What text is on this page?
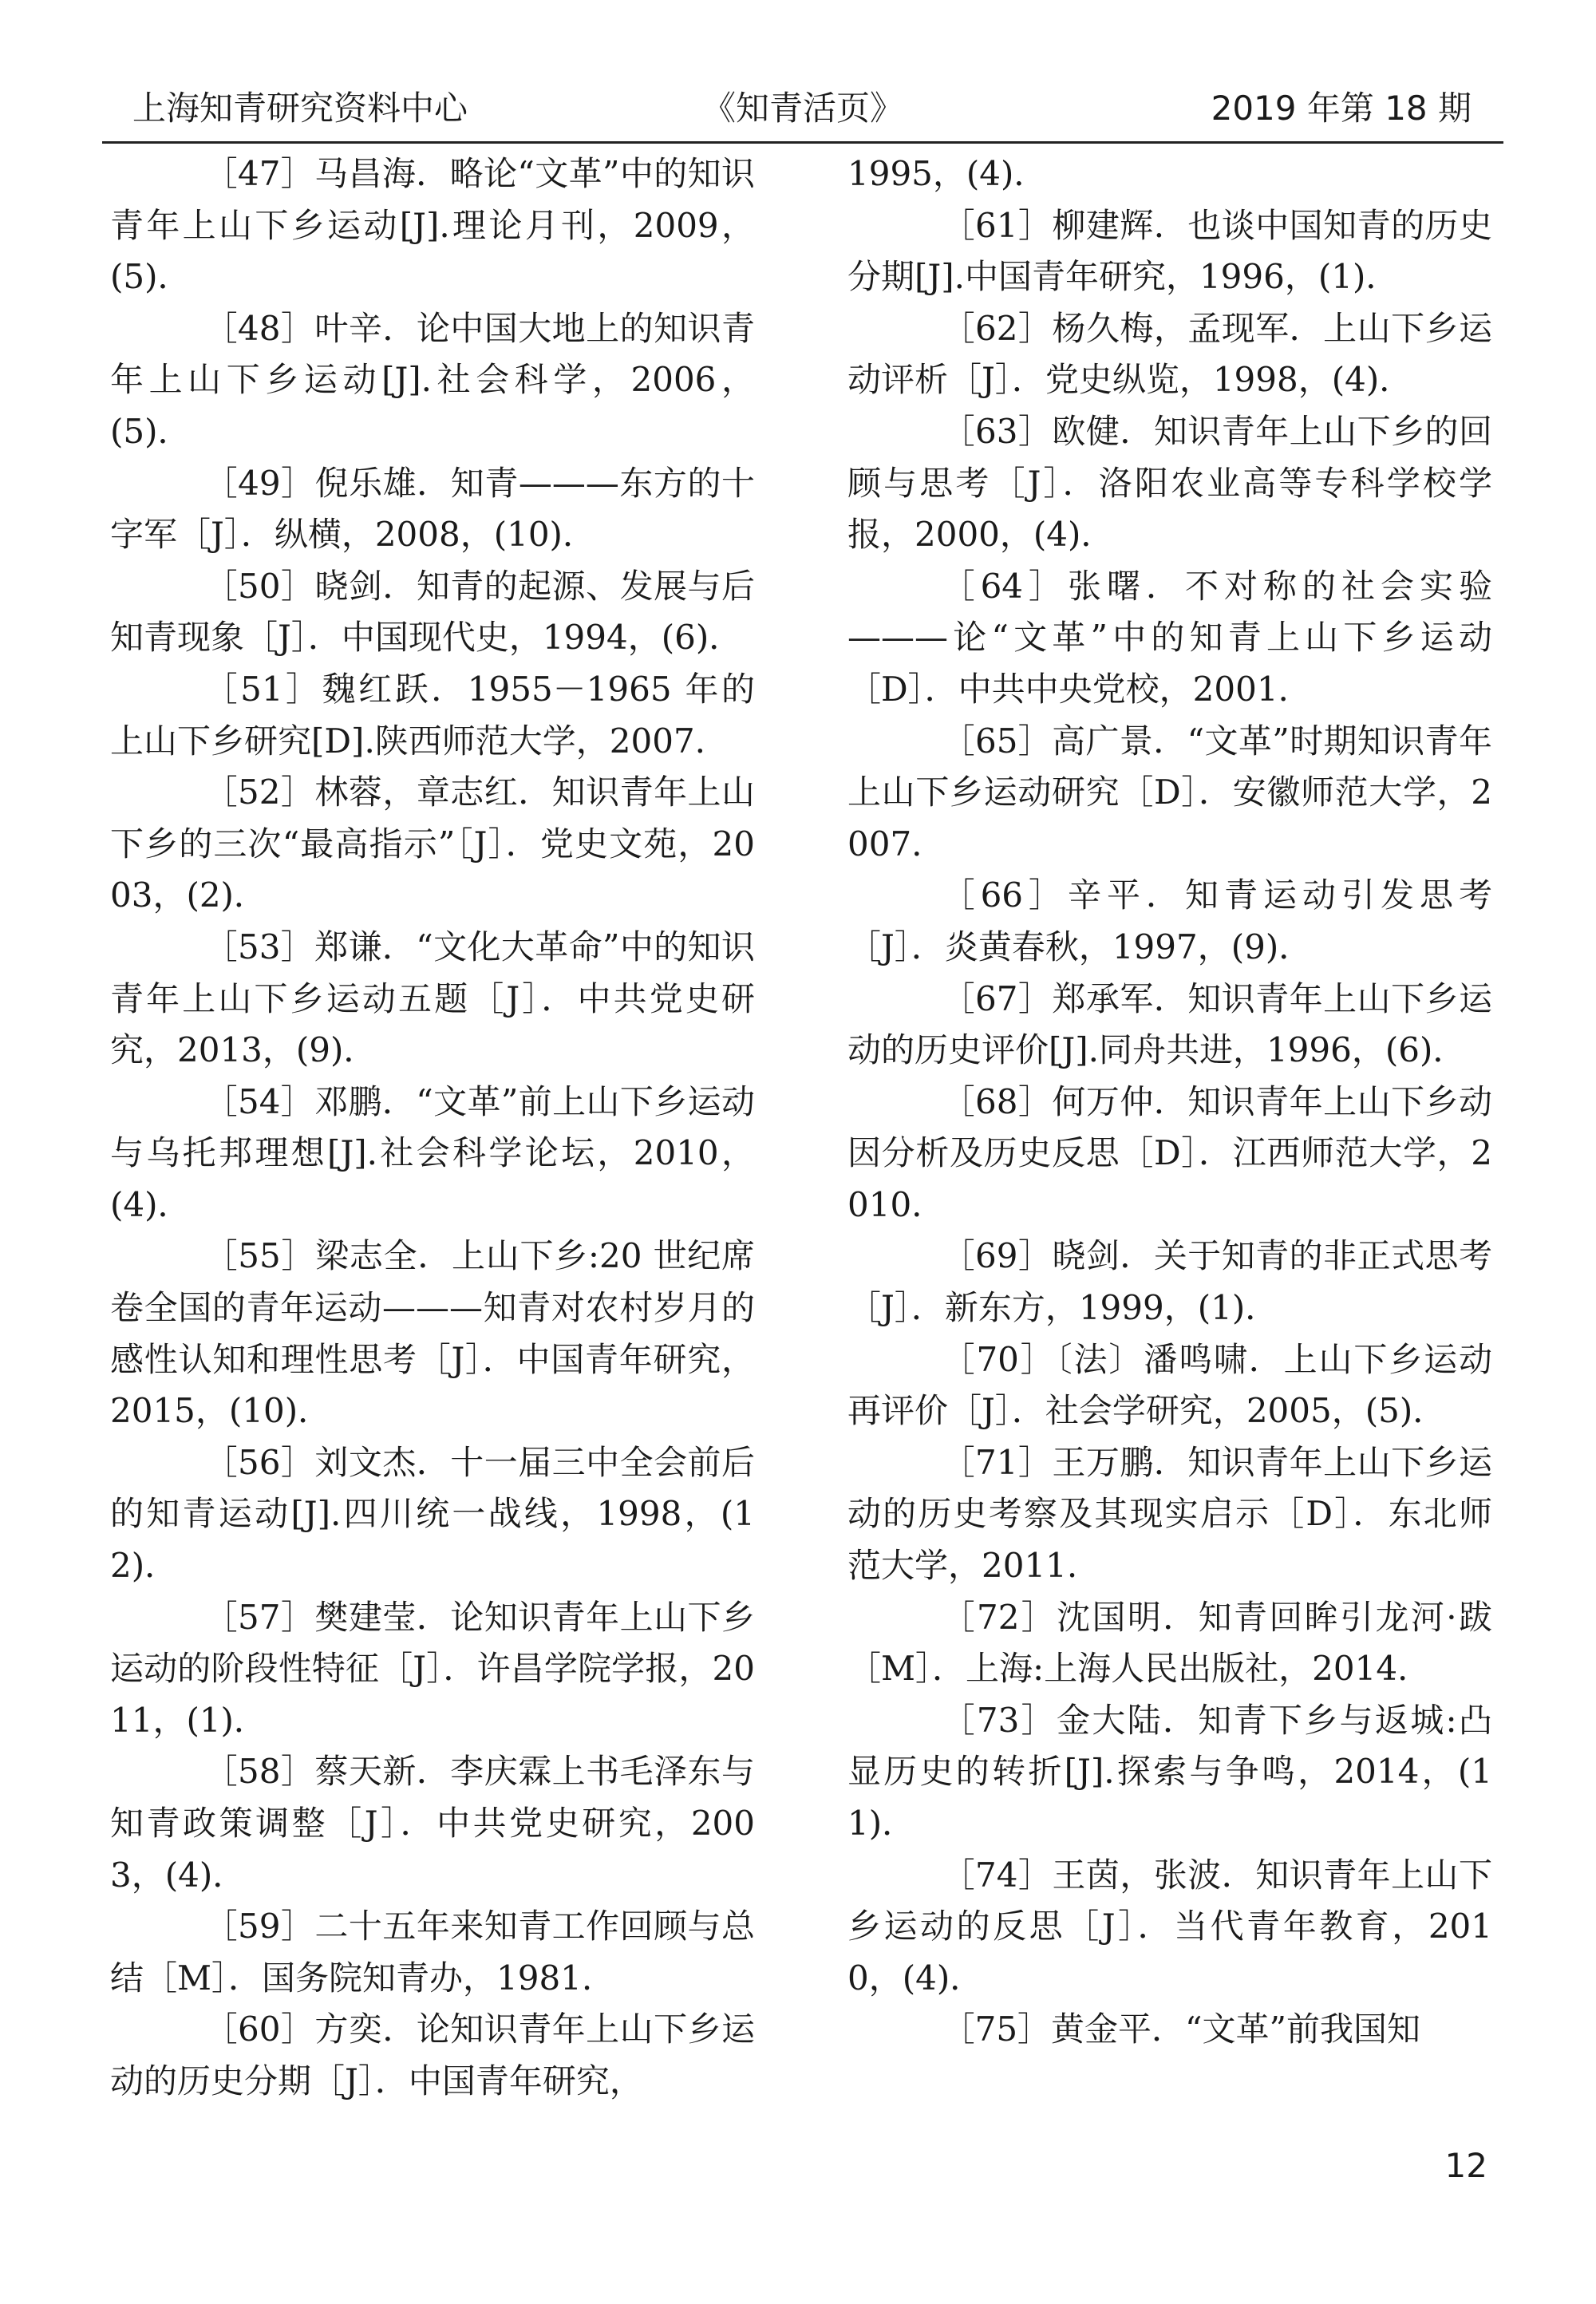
上海知青研究资料中心	《知青活页》	2019 年第 18 期

［47］马昌海．略论“文革”中的知识青年上山下乡运动[J].理论月刊，2009，(5)．

［48］叶辛．论中国大地上的知识青年上山下乡运动[J].社会科学，2006，(5)．

［49］倪乐雄．知青———东方的十字军［J］．纵横，2008，(10)．

［50］晓剑．知青的起源、发展与后知青现象［J］．中国现代史，1994，(6)．

［51］魏红跃．1955－1965 年的上山下乡研究[D].陕西师范大学，2007.

［52］林蓉，章志红．知识青年上山下乡的三次“最高指示”［J］．党史文苑，2003，(2)．

［53］郑谦．“文化大革命”中的知识青年上山下乡运动五题［J］．中共党史研究，2013，(9)．

［54］邓鹏．“文革”前上山下乡运动与乌托邦理想[J].社会科学论坛，2010，(4)．

［55］梁志全．上山下乡:20 世纪席卷全国的青年运动———知青对农村岁月的感性认知和理性思考［J］．中国青年研究，2015，(10)．

［56］刘文杰．十一届三中全会前后的知青运动[J].四川统一战线，1998，(12)．

［57］樊建莹．论知识青年上山下乡运动的阶段性特征［J］．许昌学院学报，2011，(1)．

［58］蔡天新．李庆霖上书毛泽东与知青政策调整［J］．中共党史研究，2003，(4)．

［59］二十五年来知青工作回顾与总结［M］．国务院知青办，1981.

［60］方奕．论知识青年上山下乡运动的历史分期［J］．中国青年研究，

1995，(4)．

［61］柳建辉．也谈中国知青的历史分期[J].中国青年研究，1996，(1)．

［62］杨久梅，孟现军．上山下乡运动评析［J］．党史纵览，1998，(4)．

［63］欧健．知识青年上山下乡的回顾与思考［J］．洛阳农业高等专科学校学报，2000，(4)．

［64］张曙．不对称的社会实验———论“文革”中的知青上山下乡运动［D］．中共中央党校，2001.

［65］高广景．“文革”时期知识青年上山下乡运动研究［D］．安徽师范大学，2007.

［66］辛平．知青运动引发思考［J］．炎黄春秋，1997，(9)．

［67］郑承军．知识青年上山下乡运动的历史评价[J].同舟共进，1996，(6)．

［68］何万仲．知识青年上山下乡动因分析及历史反思［D］．江西师范大学，2010.

［69］晓剑．关于知青的非正式思考［J］．新东方，1999，(1)．

［70］〔法〕潘鸣啸．上山下乡运动再评价［J］．社会学研究，2005，(5)．

［71］王万鹏．知识青年上山下乡运动的历史考察及其现实启示［D］．东北师范大学，2011.

［72］沈国明．知青回眸引龙河·跋［M］．上海:上海人民出版社，2014.

［73］金大陆．知青下乡与返城:凸显历史的转折[J].探索与争鸣，2014，(11)．

［74］王茵，张波．知识青年上山下乡运动的反思［J］．当代青年教育，2010，(4)．

［75］黄金平．“文革”前我国知

12
